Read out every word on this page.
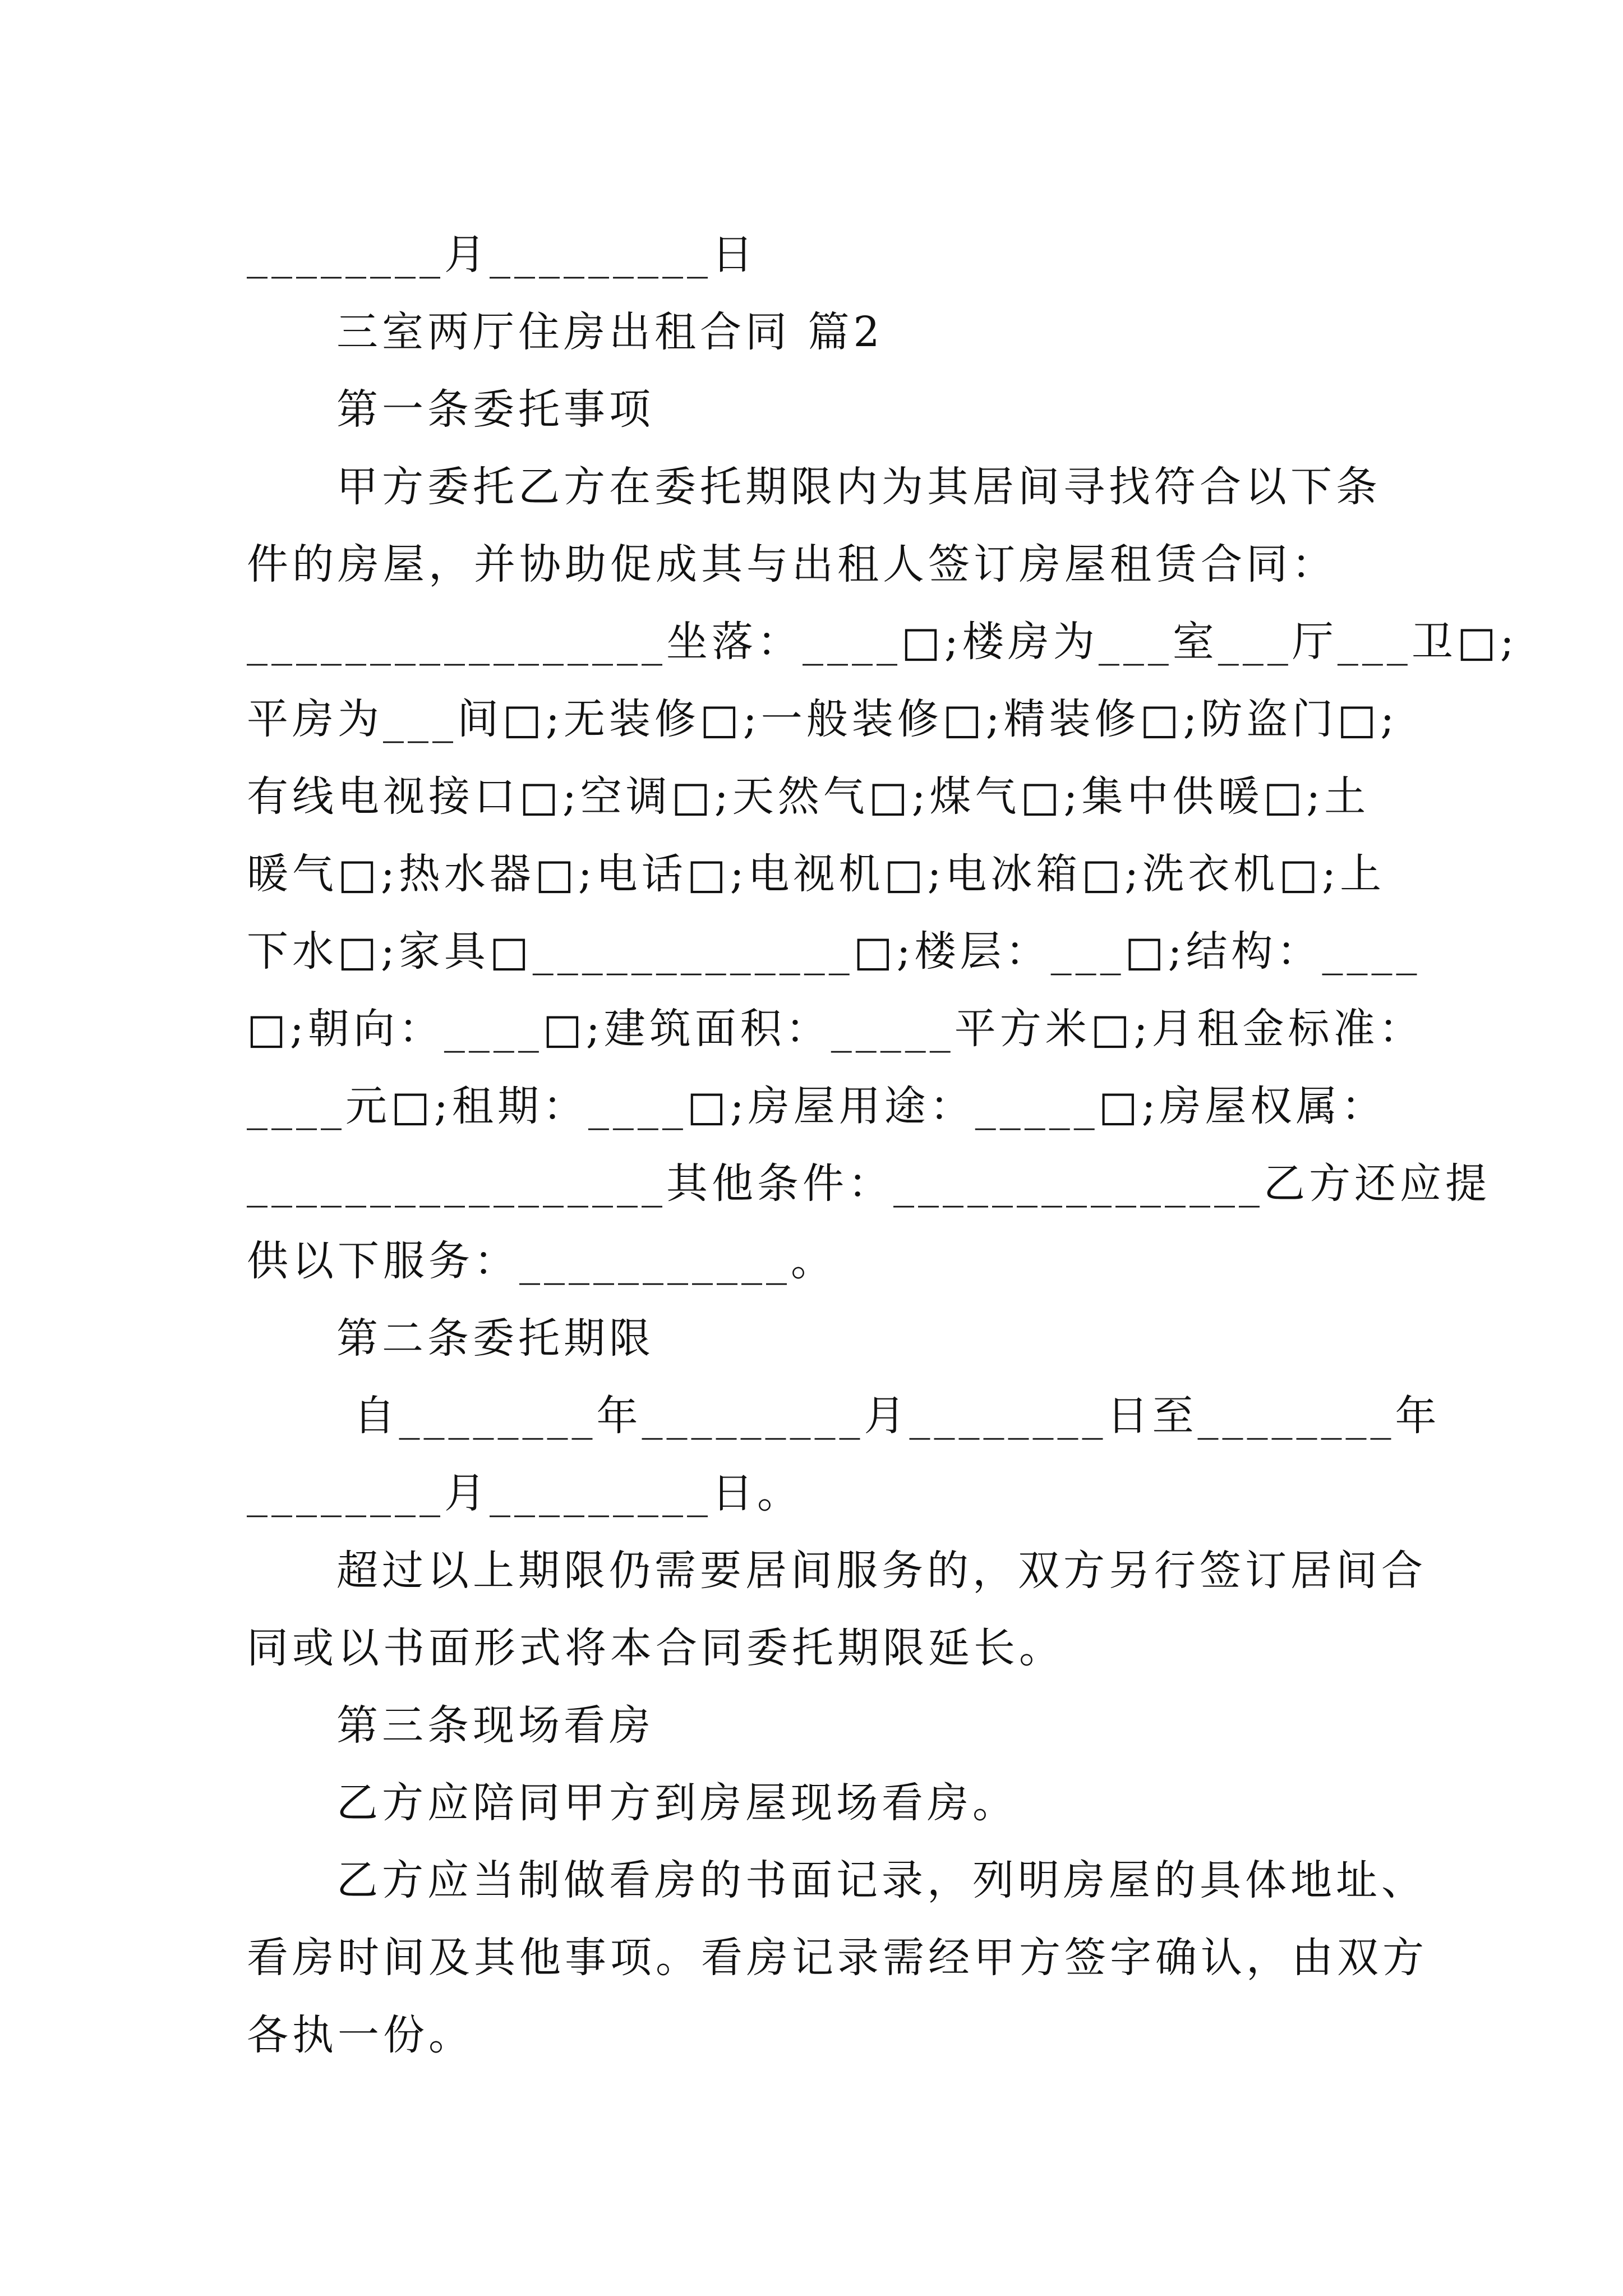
________月_________日
三室两厅住房出租合同 篇2
第一条委托事项
甲方委托乙方在委托期限内为其居间寻找符合以下条
件的房屋，并协助促成其与出租人签订房屋租赁合同：
_________________坐落：____□;楼房为___室___厅___卫□;
平房为___间□;无装修□;一般装修□;精装修□;防盗门□;
有线电视接口□;空调□;天然气□;煤气□;集中供暖□;土
暖气□;热水器□;电话□;电视机□;电冰箱□;洗衣机□;上
下水□;家具□_____________□;楼层：___□;结构：____
□;朝向：____□;建筑面积：_____平方米□;月租金标准：
____元□;租期：____□;房屋用途：_____□;房屋权属：
_________________其他条件：_______________乙方还应提
供以下服务：___________。
第二条委托期限
自________年_________月________日至________年
________月_________日。
超过以上期限仍需要居间服务的，双方另行签订居间合
同或以书面形式将本合同委托期限延长。
第三条现场看房
乙方应陪同甲方到房屋现场看房。
乙方应当制做看房的书面记录，列明房屋的具体地址、
看房时间及其他事项。看房记录需经甲方签字确认，由双方
各执一份。
